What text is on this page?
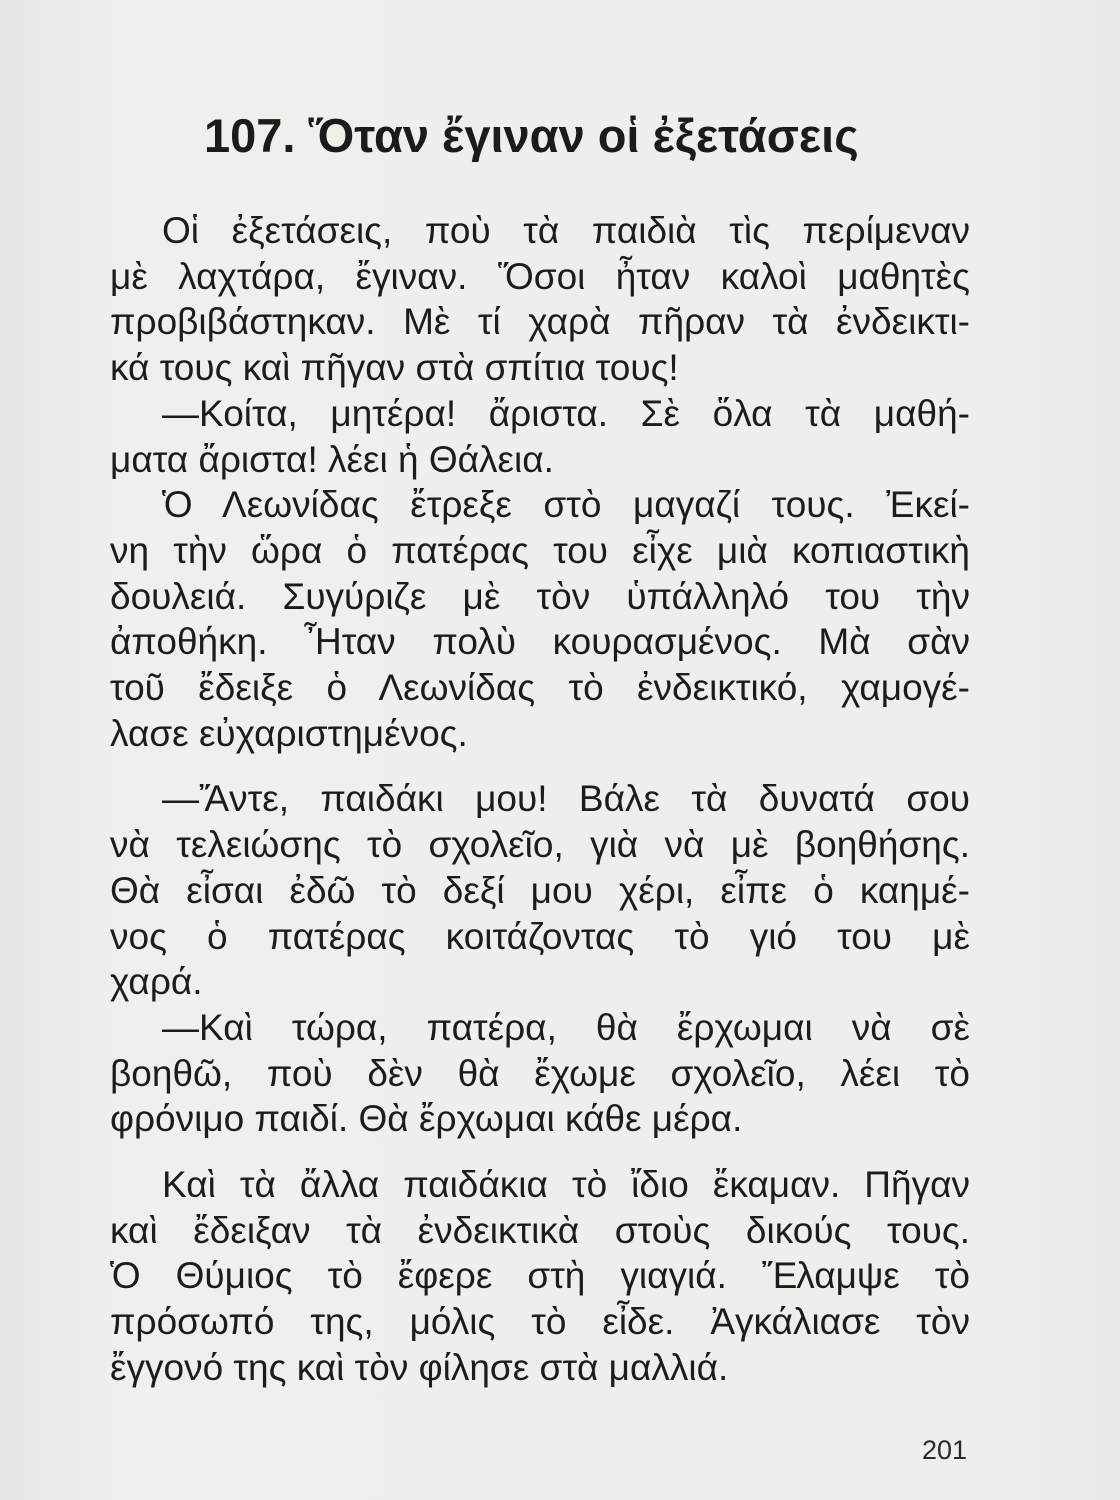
107. Ὅταν ἔγιναν οἱ ἐξετάσεις

Οἱ ἐξετάσεις, ποὺ τὰ παιδιὰ τὶς περίμεναν
μὲ λαχτάρα, ἔγιναν. Ὅσοι ἦταν καλοὶ μαθητὲς
προβιβάστηκαν. Μὲ τί χαρὰ πῆραν τὰ ἐνδεικτι-
κά τους καὶ πῆγαν στὰ σπίτια τους!

—Κοίτα, μητέρα! ἄριστα. Σὲ ὅλα τὰ μαθή-
ματα ἄριστα! λέει ἡ Θάλεια.

Ὁ Λεωνίδας ἔτρεξε στὸ μαγαζί τους. Ἐκεί-
νη τὴν ὥρα ὁ πατέρας του εἶχε μιὰ κοπιαστικὴ
δουλειά. Συγύριζε μὲ τὸν ὑπάλληλό του τὴν
ἀποθήκη. Ἦταν πολὺ κουρασμένος. Μὰ σὰν
τοῦ ἔδειξε ὁ Λεωνίδας τὸ ἐνδεικτικό, χαμογέ-
λασε εὐχαριστημένος.

—Ἄντε, παιδάκι μου! Βάλε τὰ δυνατά σου
νὰ τελειώσης τὸ σχολεῖο, γιὰ νὰ μὲ βοηθήσης.
Θὰ εἶσαι ἐδῶ τὸ δεξί μου χέρι, εἶπε ὁ καημέ-
νος ὁ πατέρας κοιτάζοντας τὸ γιό του μὲ
χαρά.

—Καὶ τώρα, πατέρα, θὰ ἔρχωμαι νὰ σὲ
βοηθῶ, ποὺ δὲν θὰ ἔχωμε σχολεῖο, λέει τὸ
φρόνιμο παιδί. Θὰ ἔρχωμαι κάθε μέρα.

Καὶ τὰ ἄλλα παιδάκια τὸ ἴδιο ἔκαμαν. Πῆγαν
καὶ ἔδειξαν τὰ ἐνδεικτικὰ στοὺς δικούς τους.
Ὁ Θύμιος τὸ ἔφερε στὴ γιαγιά. Ἔλαμψε τὸ
πρόσωπό της, μόλις τὸ εἶδε. Ἀγκάλιασε τὸν
ἔγγονό της καὶ τὸν φίλησε στὰ μαλλιά.

201
